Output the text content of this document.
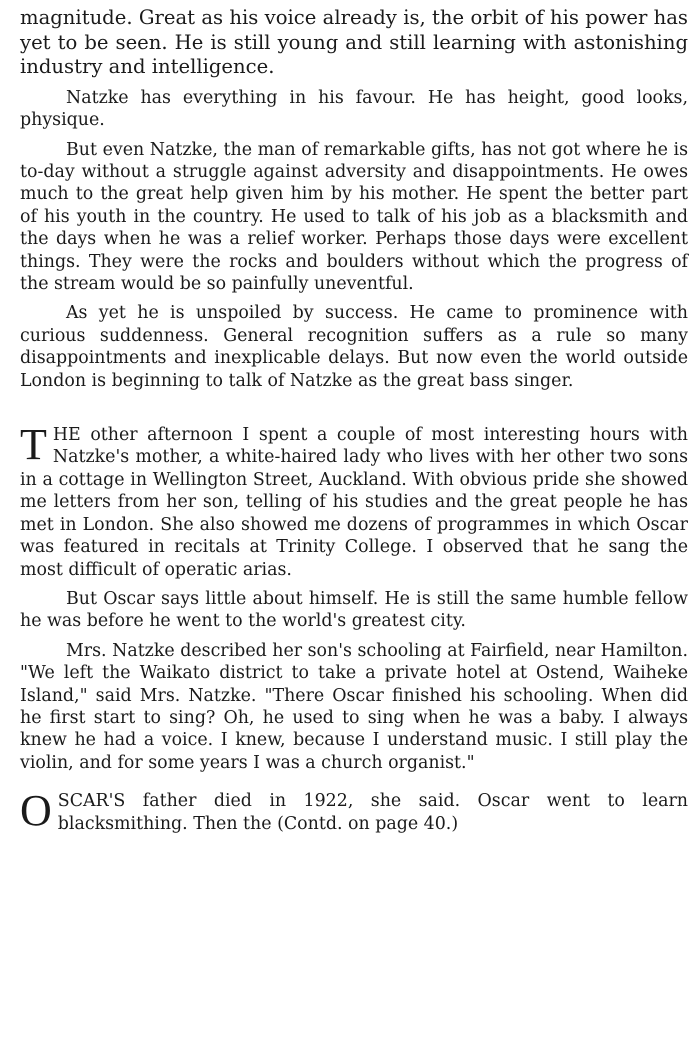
magnitude. Great as his voice already is, the orbit of his power has yet to be seen. He is still young and still learning with astonishing industry and intelligence.

Natzke has everything in his favour. He has height, good looks, physique.

But even Natzke, the man of remarkable gifts, has not got where he is to-day without a struggle against adversity and disappointments. He owes much to the great help given him by his mother. He spent the better part of his youth in the country. He used to talk of his job as a blacksmith and the days when he was a relief worker. Perhaps those days were excellent things. They were the rocks and boulders without which the progress of the stream would be so painfully uneventful.

As yet he is unspoiled by success. He came to prominence with curious suddenness. General recognition suffers as a rule so many disappointments and inexplicable delays. But now even the world outside London is beginning to talk of Natzke as the great bass singer.

THE other afternoon I spent a couple of most interesting hours with Natzke's mother, a white-haired lady who lives with her other two sons in a cottage in Wellington Street, Auckland. With obvious pride she showed me letters from her son, telling of his studies and the great people he has met in London. She also showed me dozens of programmes in which Oscar was featured in recitals at Trinity College. I observed that he sang the most difficult of operatic arias.

But Oscar says little about himself. He is still the same humble fellow he was before he went to the world's greatest city.

Mrs. Natzke described her son's schooling at Fairfield, near Hamilton. "We left the Waikato district to take a private hotel at Ostend, Waiheke Island," said Mrs. Natzke. "There Oscar finished his schooling. When did he first start to sing? Oh, he used to sing when he was a baby. I always knew he had a voice. I knew, because I understand music. I still play the violin, and for some years I was a church organist."

OSCAR'S father died in 1922, she said. Oscar went to learn blacksmithing. Then the (Contd. on page 40.)
